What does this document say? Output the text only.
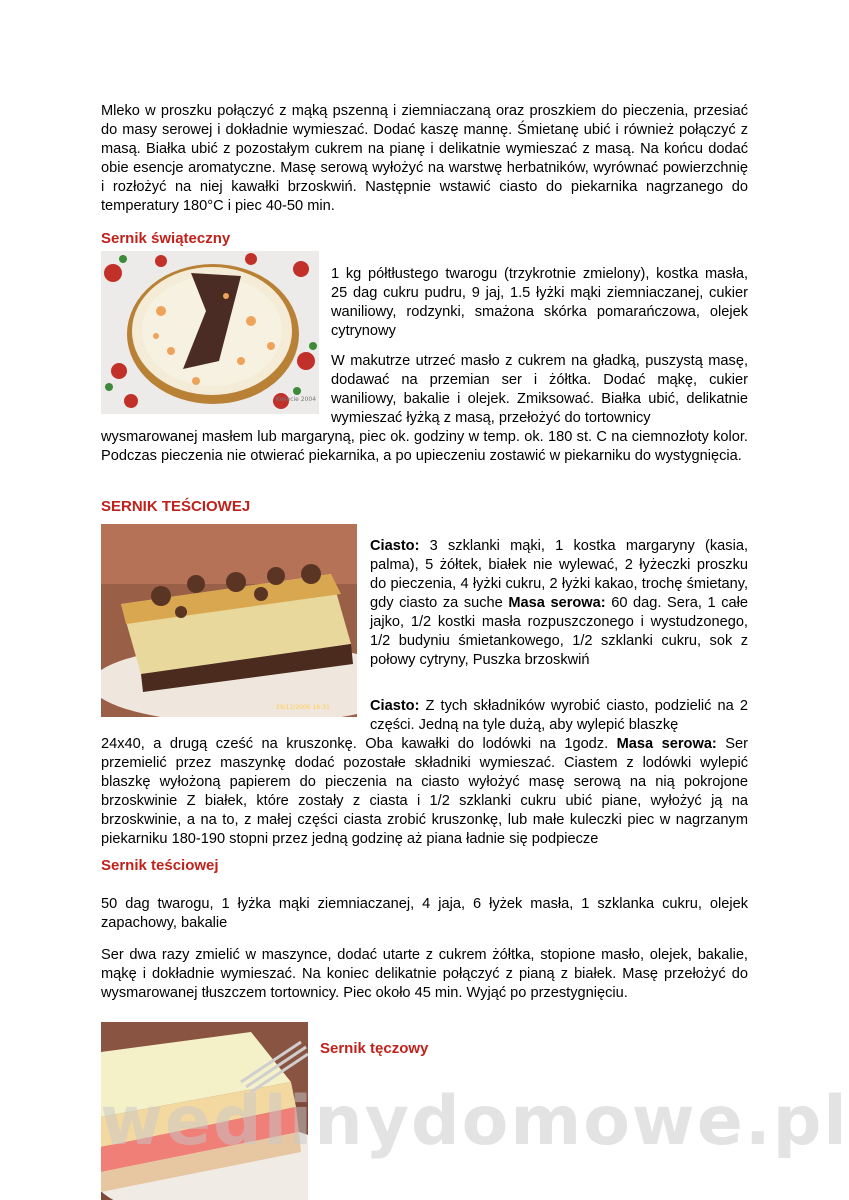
Mleko w proszku połączyć z mąką pszenną i ziemniaczaną oraz proszkiem do pieczenia, przesiać do masy serowej i dokładnie wymieszać. Dodać kaszę mannę. Śmietanę ubić i również połączyć z masą. Białka ubić z pozostałym cukrem na pianę i delikatnie wymieszać z masą. Na końcu dodać obie esencje aromatyczne. Masę serową wyłożyć na warstwę herbatników, wyrównać powierzchnię i rozłożyć na niej kawałki brzoskwiń. Następnie wstawić ciasto do piekarnika nagrzanego do temperatury 180°C i piec 40-50 min.

Sernik świąteczny
Kwiecie 2004

1 kg półtłustego twarogu (trzykrotnie zmielony), kostka masła, 25 dag cukru pudru, 9 jaj, 1.5 łyżki mąki ziemniaczanej, cukier waniliowy, rodzynki, smażona skórka pomarańczowa, olejek cytrynowy

W makutrze utrzeć masło z cukrem na gładką, puszystą masę, dodawać na przemian ser i żółtka. Dodać mąkę, cukier waniliowy, bakalie i olejek. Zmiksować. Białka ubić, delikatnie wymieszać łyżką z masą, przełożyć do tortownicy

wysmarowanej masłem lub margaryną, piec ok. godziny w temp. ok. 180 st. C na ciemnozłoty kolor. Podczas pieczenia nie otwierać piekarnika, a po upieczeniu zostawić w piekarniku do wystygnięcia.

SERNIK TEŚCIOWEJ
29/12/2006 18:31

Ciasto: 3 szklanki mąki, 1 kostka margaryny (kasia, palma), 5 żółtek, białek nie wylewać, 2 łyżeczki proszku do pieczenia, 4 łyżki cukru, 2 łyżki kakao, trochę śmietany, gdy ciasto za suche Masa serowa: 60 dag. Sera, 1 całe jajko, 1/2 kostki masła rozpuszczonego i wystudzonego, 1/2 budyniu śmietankowego, 1/2 szklanki cukru, sok z połowy cytryny, Puszka brzoskwiń

Ciasto: Z tych składników wyrobić ciasto, podzielić na 2 części. Jedną na tyle dużą, aby wylepić blaszkę

24x40, a drugą cześć na kruszonkę. Oba kawałki do lodówki na 1godz. Masa serowa: Ser przemielić przez maszynkę dodać pozostałe składniki wymieszać. Ciastem z lodówki wylepić blaszkę wyłożoną papierem do pieczenia na ciasto wyłożyć masę serową na nią pokrojone brzoskwinie Z białek, które zostały z ciasta i 1/2 szklanki cukru ubić piane, wyłożyć ją na brzoskwinie, a na to, z małej części ciasta zrobić kruszonkę, lub małe kuleczki piec w nagrzanym piekarniku 180-190 stopni przez jedną godzinę aż piana ładnie się podpiecze

Sernik teściowej

50 dag twarogu, 1 łyżka mąki ziemniaczanej, 4 jaja, 6 łyżek masła, 1 szklanka cukru, olejek zapachowy, bakalie

Ser dwa razy zmielić w maszynce, dodać utarte z cukrem żółtka, stopione masło, olejek, bakalie, mąkę i dokładnie wymieszać. Na koniec delikatnie połączyć z pianą z białek. Masę przełożyć do wysmarowanej tłuszczem tortownicy. Piec około 45 min. Wyjąć po przestygnięciu.

Sernik tęczowy
wedlinydomowe.pl
